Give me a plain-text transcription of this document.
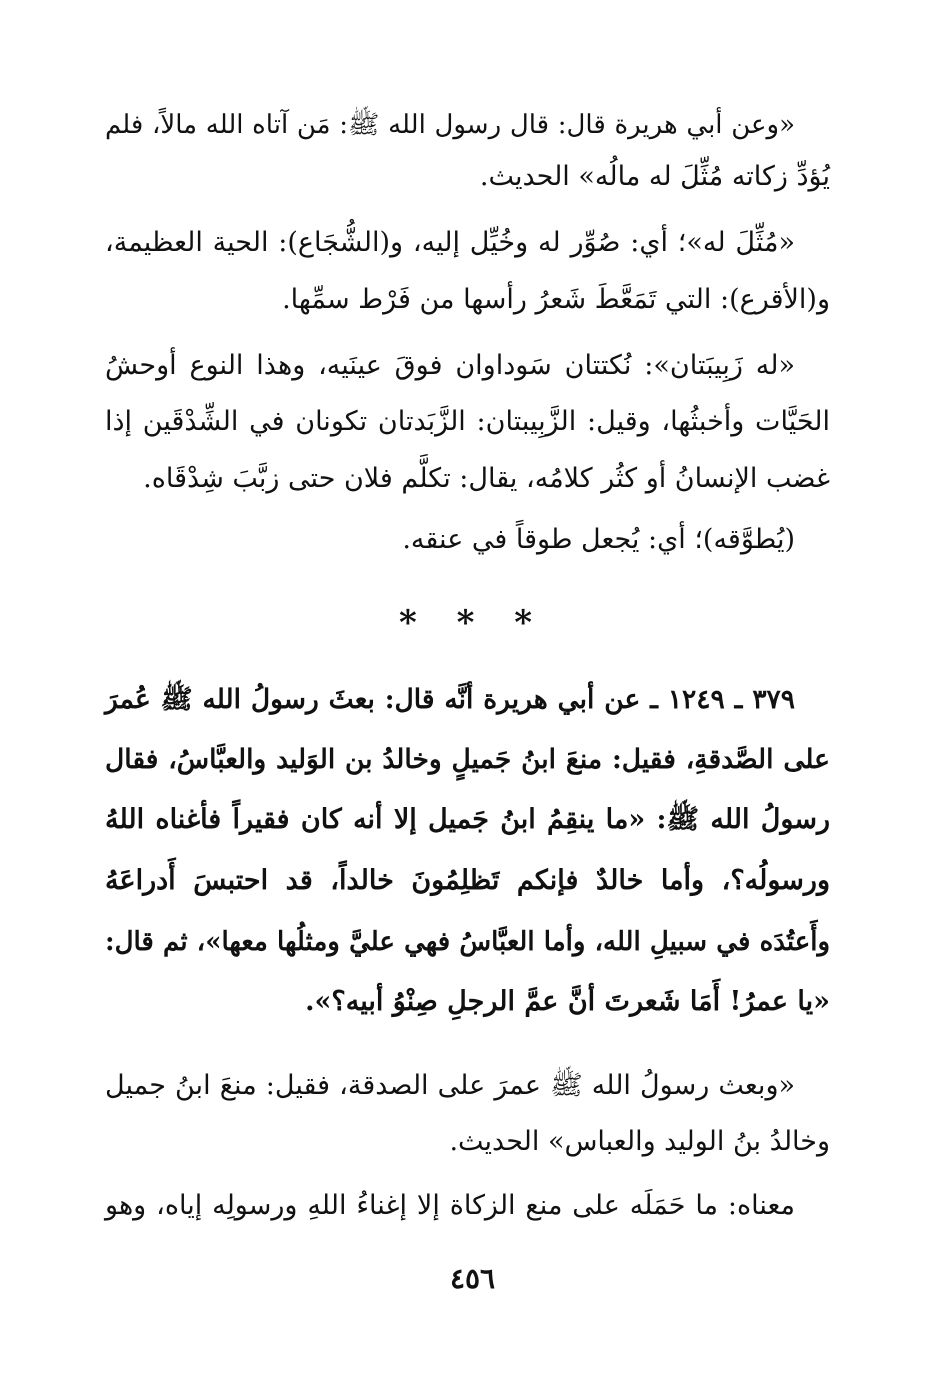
«وعن أبي هريرة قال: قال رسول الله ﷺ: مَن آتاه الله مالاً، فلم
يُؤدِّ زكاته مُثِّلَ له مالُه» الحديث.
«مُثِّلَ له»؛ أي: صُوِّر له وخُيِّل إليه، و(الشُّجَاع): الحية العظيمة،
و(الأقرع): التي تَمَعَّطَ شَعرُ رأسها من فَرْط سمِّها.
«له زَبِيبَتان»: نُكتتان سَوداوان فوقَ عينَيه، وهذا النوع أوحشُ
الحَيَّات وأخبثُها، وقيل: الزَّبِيبتان: الزَّبَدتان تكونان في الشِّدْقَين إذا
غضب الإنسانُ أو كثُر كلامُه، يقال: تكلَّم فلان حتى زبَّبَ شِدْقَاه.
(يُطوَّقه)؛ أي: يُجعل طوقاً في عنقه.
* * *
٣٧٩ ـ ١٢٤٩ ـ عن أبي هريرة أنَّه قال: بعثَ رسولُ الله ﷺ عُمرَ
على الصَّدقةِ، فقيل: منعَ ابنُ جَميلٍ وخالدُ بن الوَليد والعبَّاسُ، فقال
رسولُ الله ﷺ: «ما ينقِمُ ابنُ جَميل إلا أنه كان فقيراً فأغناه اللهُ
ورسولُه؟، وأما خالدٌ فإنكم تَظلِمُونَ خالداً، قد احتبسَ أَدراعَهُ
وأَعتُدَه في سبيلِ الله، وأما العبَّاسُ فهي عليَّ ومثلُها معها»، ثم قال:
«يا عمرُ! أَمَا شَعرتَ أنَّ عمَّ الرجلِ صِنْوُ أبيه؟».
«وبعث رسولُ الله ﷺ عمرَ على الصدقة، فقيل: منعَ ابنُ جميل
وخالدُ بنُ الوليد والعباس» الحديث.
معناه: ما حَمَلَه على منع الزكاة إلا إغناءُ اللهِ ورسولِه إياه، وهو
٤٥٦
